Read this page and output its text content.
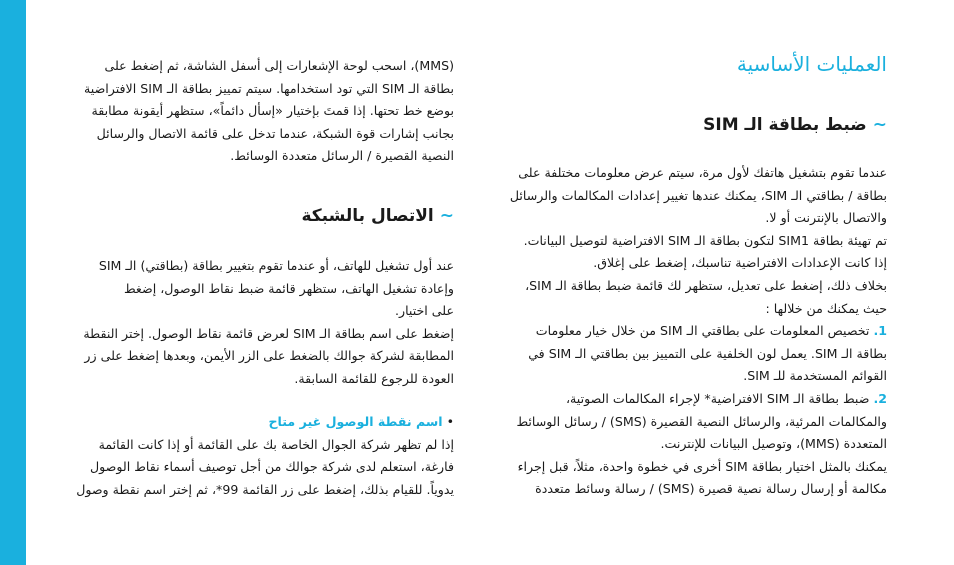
العمليات الأساسية
~ضبط بطاقة الـ SIM

عندما تقوم بتشغيل هاتفك لأول مرة، سيتم عرض معلومات مختلفة على

بطاقة / بطاقتي الـ SIM، يمكنك عندها تغيير إعدادات المكالمات والرسائل

والاتصال بالإنترنت أو لا.

تم تهيئة بطاقة SIM1 لتكون بطاقة الـ SIM الافتراضية لتوصيل البيانات.

إذا كانت الإعدادات الافتراضية تناسبك، إضغط على إغلاق.

بخلاف ذلك، إضغط على تعديل، ستظهر لك قائمة ضبط بطاقة الـ SIM،

حيث يمكنك من خلالها :

1. تخصيص المعلومات على بطاقتي الـ SIM من خلال خيار معلومات

بطاقة الـ SIM. يعمل لون الخلفية على التمييز بين بطاقتي الـ SIM في

القوائم المستخدمة للـ SIM.

2. ضبط بطاقة الـ SIM الافتراضية* لإجراء المكالمات الصوتية،

والمكالمات المرئية، والرسائل النصية القصيرة (SMS) / رسائل الوسائط

المتعددة (MMS)، وتوصيل البيانات للإنترنت.

يمكنك بالمثل اختيار بطاقة SIM أخرى في خطوة واحدة، مثلاً، قبل إجراء

مكالمة أو إرسال رسالة نصية قصيرة (SMS) / رسالة وسائط متعددة

(MMS)، اسحب لوحة الإشعارات إلى أسفل الشاشة، ثم إضغط على

بطاقة الـ SIM التي تود استخدامها. سيتم تمييز بطاقة الـ SIM الافتراضية

بوضع خط تحتها. إذا قمتَ بإختيار «إسأل دائماً»، ستظهر أيقونة مطابقة

بجانب إشارات قوة الشبكة، عندما تدخل على قائمة الاتصال والرسائل

النصية القصيرة / الرسائل متعددة الوسائط.

~الاتصال بالشبكة

عند أول تشغيل للهاتف، أو عندما تقوم بتغيير بطاقة (بطاقتي) الـ SIM

وإعادة تشغيل الهاتف، ستظهر قائمة ضبط نقاط الوصول، إضغط

على اختيار.

إضغط على اسم بطاقة الـ SIM لعرض قائمة نقاط الوصول. إختر النقطة

المطابقة لشركة جوالك بالضغط على الزر الأيمن، وبعدها إضغط على زر

العودة للرجوع للقائمة السابقة.

•اسم نقطة الوصول غير متاح

إذا لم تظهر شركة الجوال الخاصة بك على القائمة أو إذا كانت القائمة

فارغة، استعلم لدى شركة جوالك من أجل توصيف أسماء نقاط الوصول

يدوياً. للقيام بذلك، إضغط على زر القائمة 99*، ثم إختر اسم نقطة وصول
